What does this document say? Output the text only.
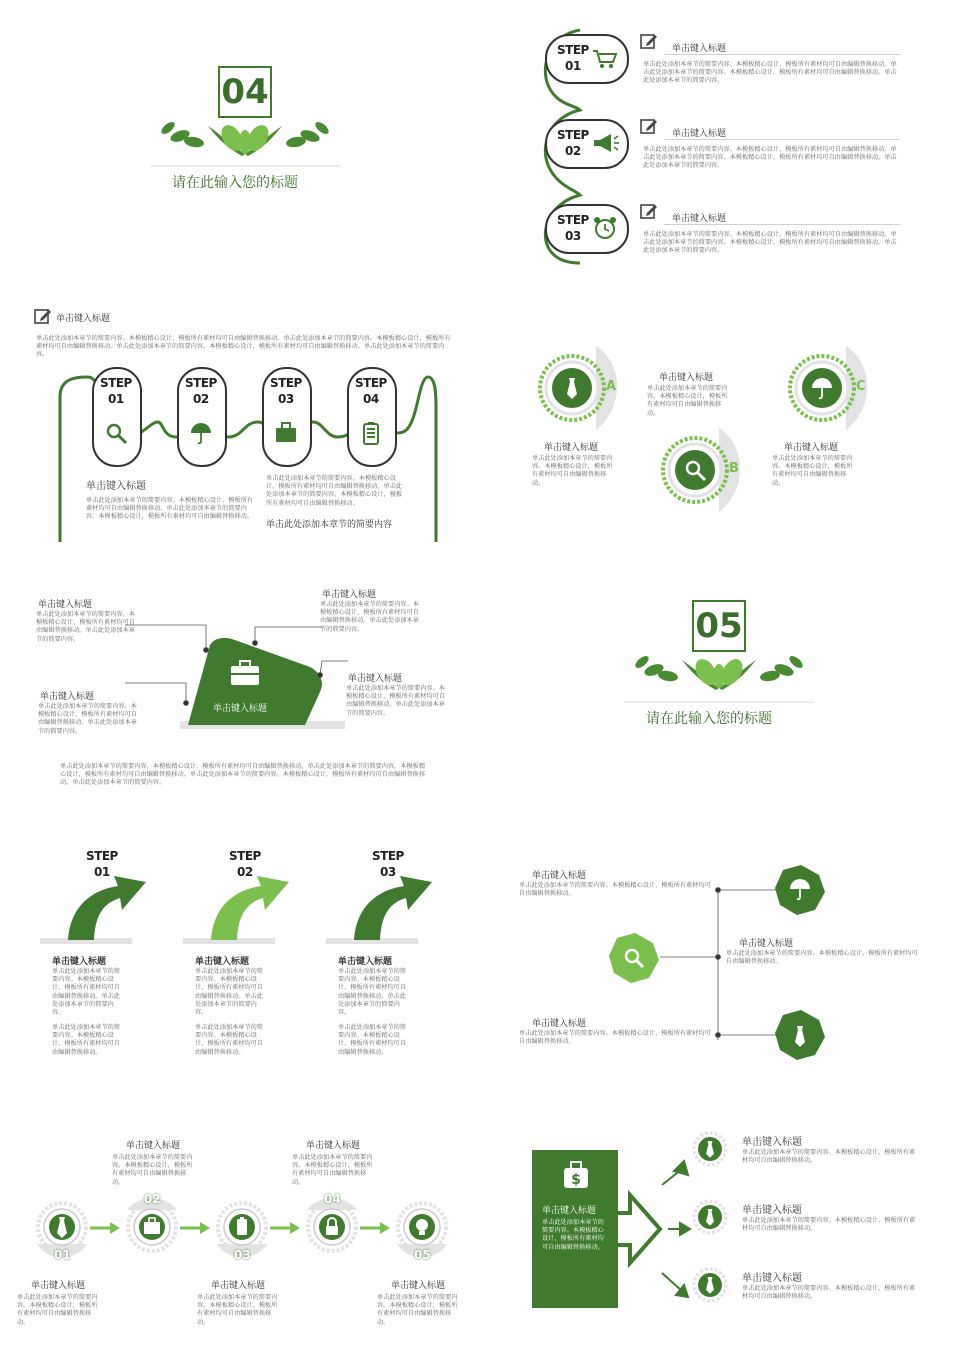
04
请在此输入您的标题
STEP
01
单击键入标题
单击此处添加本章节的简要内容。本模板精心设计，模板所有素材均可自由编辑替换移动。单击此处添加本章节的简要内容。本模板精心设计，模板所有素材均可自由编辑替换移动。单击此处添加本章节的简要内容。
STEP
02
单击键入标题
单击此处添加本章节的简要内容。本模板精心设计，模板所有素材均可自由编辑替换移动。单击此处添加本章节的简要内容。本模板精心设计，模板所有素材均可自由编辑替换移动。单击此处添加本章节的简要内容。
STEP
03
单击键入标题
单击此处添加本章节的简要内容。本模板精心设计，模板所有素材均可自由编辑替换移动。单击此处添加本章节的简要内容。本模板精心设计，模板所有素材均可自由编辑替换移动。单击此处添加本章节的简要内容。
单击键入标题
单击此处添加本章节的简要内容。本模板精心设计，模板所有素材均可自由编辑替换移动。单击此处添加本章节的简要内容。本模板精心设计，模板所有素材均可自由编辑替换移动。单击此处添加本章节的简要内容。本模板精心设计，模板所有素材均可自由编辑替换移动。单击此处添加本章节的简要内容。
STEP
01
STEP
02
STEP
03
STEP
04
单击键入标题
单击此处添加本章节的简要内容。本模板精心设计，模板所有素材均可自由编辑替换移动。单击此处添加本章节的简要内容。本模板精心设计，模板所有素材均可自由编辑替换移动。
单击此处添加本章节的简要内容。本模板精心设计，模板所有素材均可自由编辑替换移动。单击此处添加本章节的简要内容。本模板精心设计，模板所有素材均可自由编辑替换移动。
单击此处添加本章节的简要内容
A
B
C
单击键入标题
单击此处添加本章节的简要内容。本模板精心设计，模板所有素材均可自由编辑替换移动。
单击键入标题
单击此处添加本章节的简要内容。本模板精心设计，模板所有素材均可自由编辑替换移动。
单击键入标题
单击此处添加本章节的简要内容。本模板精心设计，模板所有素材均可自由编辑替换移动。
单击键入标题
单击键入标题
单击此处添加本章节的简要内容。本模板精心设计，模板所有素材均可自由编辑替换移动。单击此处添加本章节的简要内容。
单击键入标题
单击此处添加本章节的简要内容。本模板精心设计，模板所有素材均可自由编辑替换移动。单击此处添加本章节的简要内容。
单击键入标题
单击此处添加本章节的简要内容。本模板精心设计，模板所有素材均可自由编辑替换移动。单击此处添加本章节的简要内容。
单击键入标题
单击此处添加本章节的简要内容。本模板精心设计，模板所有素材均可自由编辑替换移动。单击此处添加本章节的简要内容。
单击此处添加本章节的简要内容。本模板精心设计，模板所有素材均可自由编辑替换移动。单击此处添加本章节的简要内容。本模板精心设计，模板所有素材均可自由编辑替换移动。单击此处添加本章节的简要内容。本模板精心设计，模板所有素材均可自由编辑替换移动。单击此处添加本章节的简要内容。
05
请在此输入您的标题
STEP
01
单击键入标题
单击此处添加本章节的简要内容。本模板精心设计，模板所有素材均可自由编辑替换移动。单击此处添加本章节的简要内容。
单击此处添加本章节的简要内容。本模板精心设计，模板所有素材均可自由编辑替换移动。
STEP
02
单击键入标题
单击此处添加本章节的简要内容。本模板精心设计，模板所有素材均可自由编辑替换移动。单击此处添加本章节的简要内容。
单击此处添加本章节的简要内容。本模板精心设计，模板所有素材均可自由编辑替换移动。
STEP
03
单击键入标题
单击此处添加本章节的简要内容。本模板精心设计，模板所有素材均可自由编辑替换移动。单击此处添加本章节的简要内容。
单击此处添加本章节的简要内容。本模板精心设计，模板所有素材均可自由编辑替换移动。
单击键入标题
单击此处添加本章节的简要内容。本模板精心设计，模板所有素材均可自由编辑替换移动。
单击键入标题
单击此处添加本章节的简要内容。本模板精心设计，模板所有素材均可自由编辑替换移动。
单击键入标题
单击此处添加本章节的简要内容。本模板精心设计，模板所有素材均可自由编辑替换移动。
01
单击键入标题
单击此处添加本章节的简要内容。本模板精心设计，模板所有素材均可自由编辑替换移动。
02
单击键入标题
单击此处添加本章节的简要内容。本模板精心设计，模板所有素材均可自由编辑替换移动。
03
单击键入标题
单击此处添加本章节的简要内容。本模板精心设计，模板所有素材均可自由编辑替换移动。
04
单击键入标题
单击此处添加本章节的简要内容。本模板精心设计，模板所有素材均可自由编辑替换移动。
05
单击键入标题
单击此处添加本章节的简要内容。本模板精心设计，模板所有素材均可自由编辑替换移动。
$
单击键入标题
单击此处添加本章节的简要内容。本模板精心设计，模板所有素材均可自由编辑替换移动。
单击键入标题
单击此处添加本章节的简要内容。本模板精心设计，模板所有素材均可自由编辑替换移动。
单击键入标题
单击此处添加本章节的简要内容。本模板精心设计，模板所有素材均可自由编辑替换移动。
单击键入标题
单击此处添加本章节的简要内容。本模板精心设计，模板所有素材均可自由编辑替换移动。
